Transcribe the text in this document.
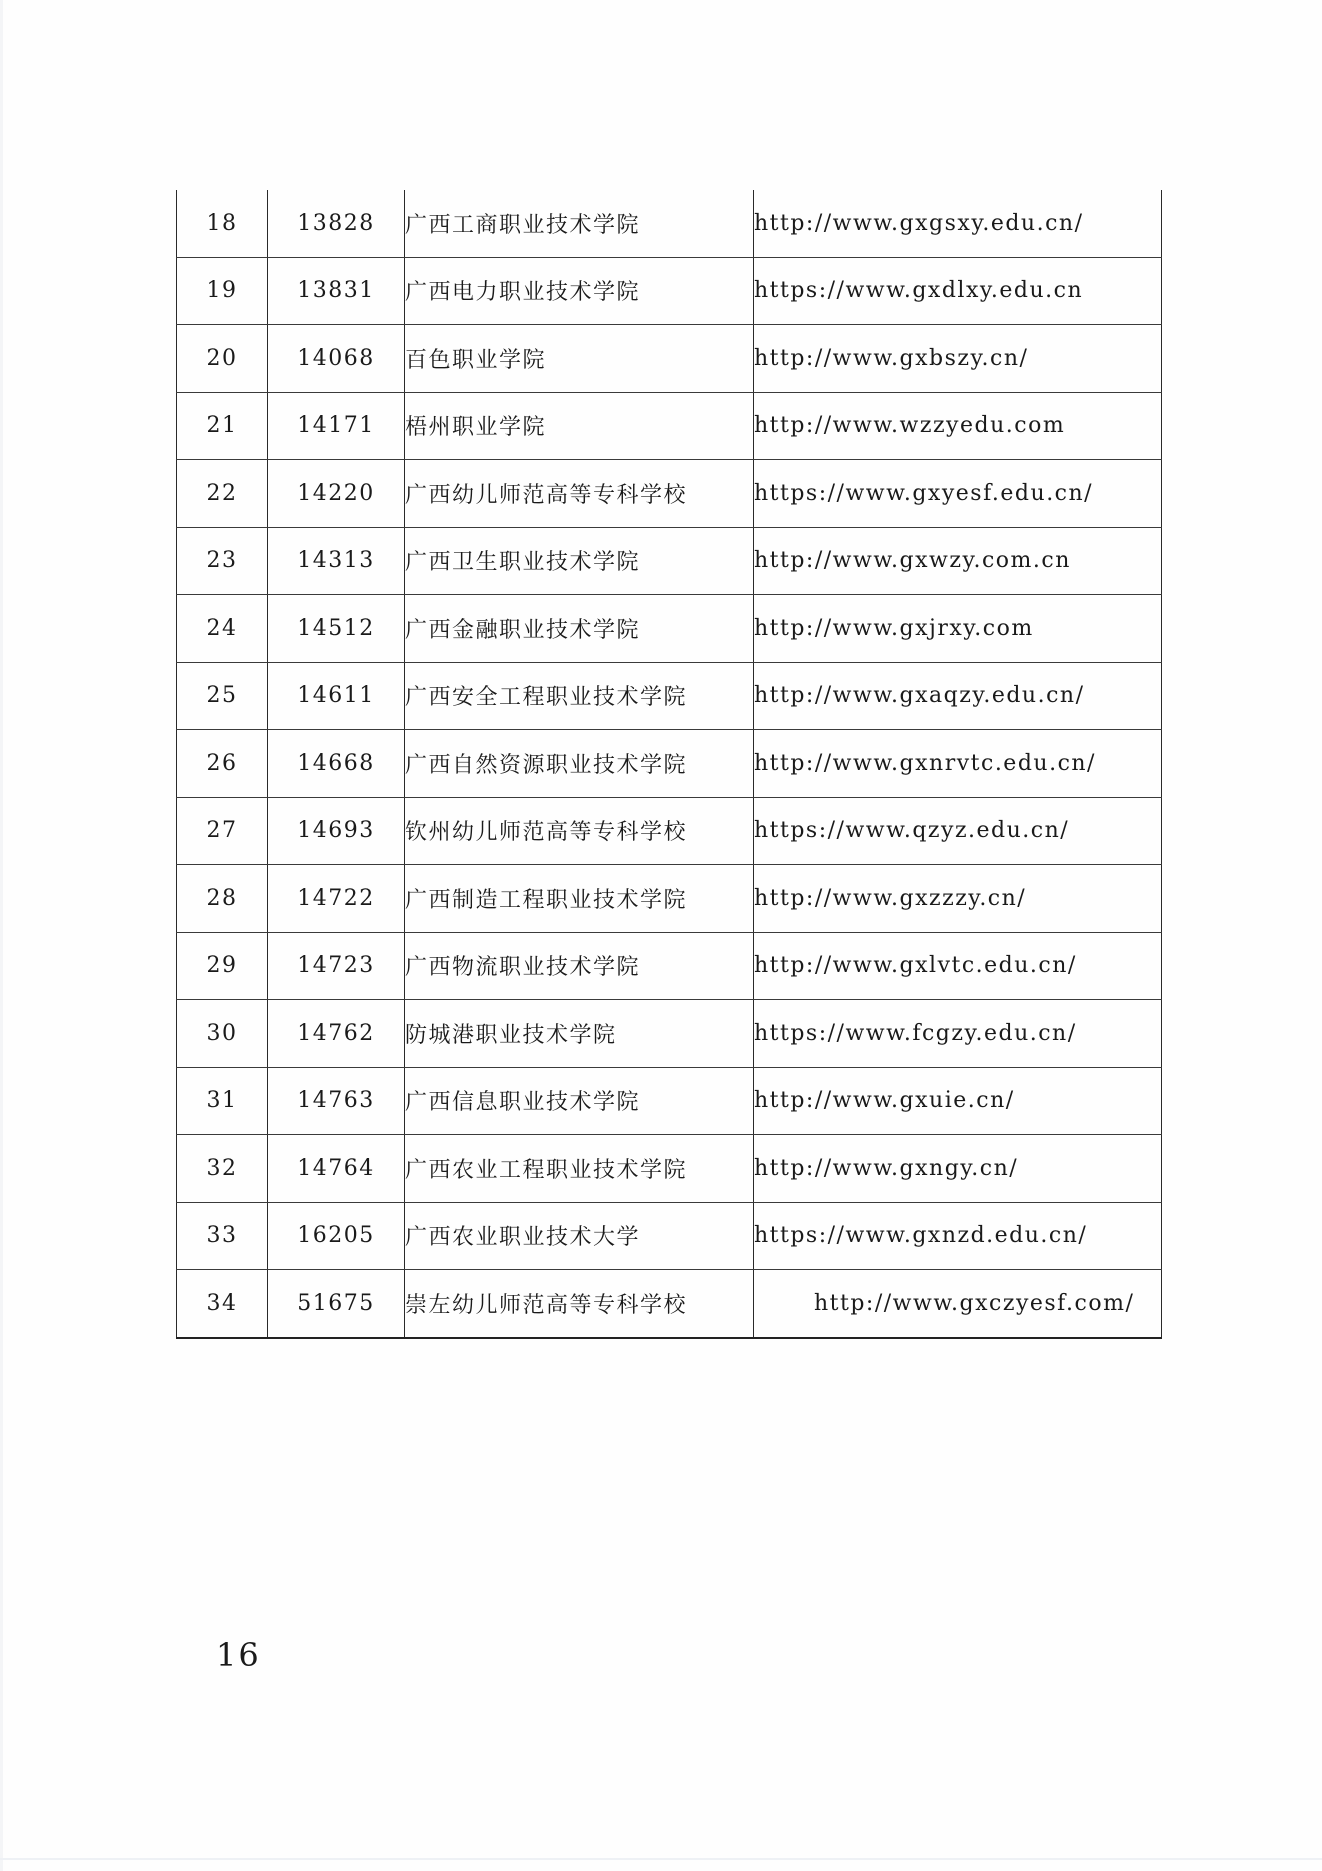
18	13828	广西工商职业技术学院	http://www.gxgsxy.edu.cn/
19	13831	广西电力职业技术学院	https://www.gxdlxy.edu.cn
20	14068	百色职业学院	http://www.gxbszy.cn/
21	14171	梧州职业学院	http://www.wzzyedu.com
22	14220	广西幼儿师范高等专科学校	https://www.gxyesf.edu.cn/
23	14313	广西卫生职业技术学院	http://www.gxwzy.com.cn
24	14512	广西金融职业技术学院	http://www.gxjrxy.com
25	14611	广西安全工程职业技术学院	http://www.gxaqzy.edu.cn/
26	14668	广西自然资源职业技术学院	http://www.gxnrvtc.edu.cn/
27	14693	钦州幼儿师范高等专科学校	https://www.qzyz.edu.cn/
28	14722	广西制造工程职业技术学院	http://www.gxzzzy.cn/
29	14723	广西物流职业技术学院	http://www.gxlvtc.edu.cn/
30	14762	防城港职业技术学院	https://www.fcgzy.edu.cn/
31	14763	广西信息职业技术学院	http://www.gxuie.cn/
32	14764	广西农业工程职业技术学院	http://www.gxngy.cn/
33	16205	广西农业职业技术大学	https://www.gxnzd.edu.cn/
34	51675	崇左幼儿师范高等专科学校	http://www.gxczyesf.com/
16
